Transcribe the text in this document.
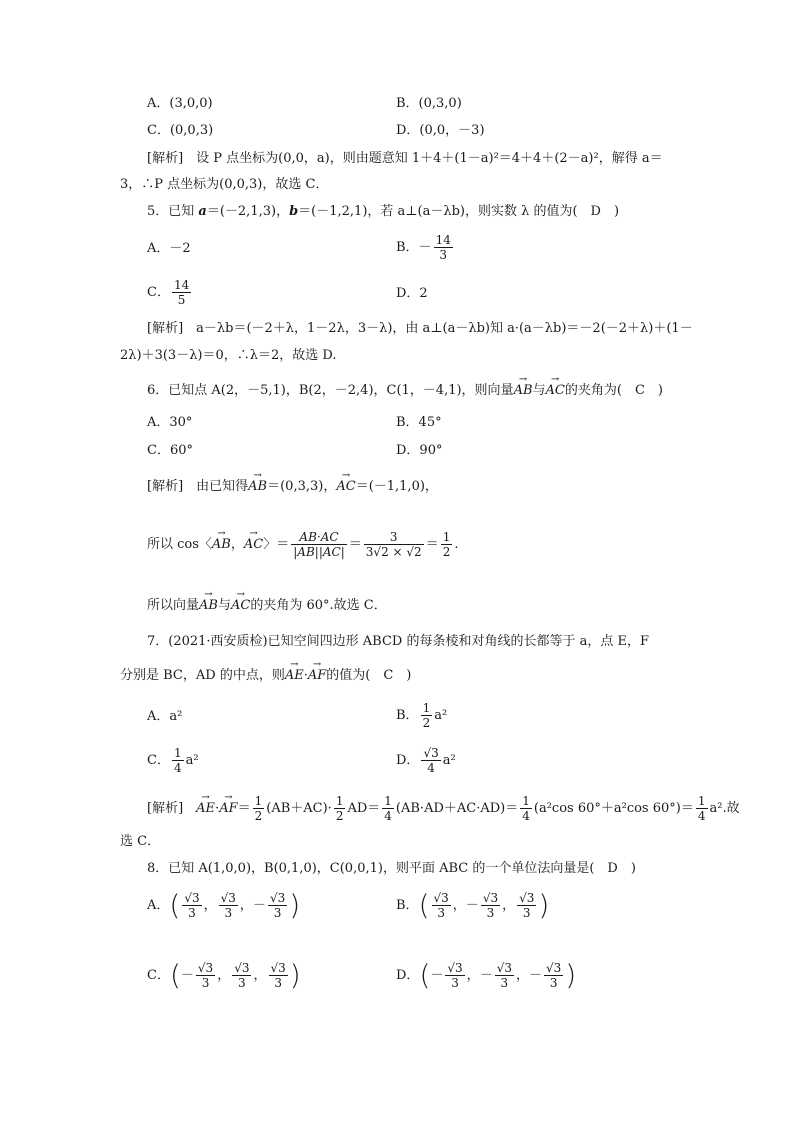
A．(3,0,0)	B．(0,3,0)
C．(0,0,3)	D．(0,0，－3)
[解析]　设 P 点坐标为(0,0，a)，则由题意知 1＋4＋(1－a)²＝4＋4＋(2－a)²，解得 a＝
3，∴P 点坐标为(0,0,3)，故选 C．
5．已知 a＝(－2,1,3)，b＝(－1,2,1)，若 a⊥(a－λb)，则实数 λ 的值为(　D　)
A．－2	B．－ $\frac{14}{3}$
C． $\frac{14}{5}$	D．2
[解析]　a－λb＝(－2＋λ，1－2λ，3－λ)，由 a⊥(a－λb)知 a·(a－λb)＝－2(－2＋λ)＋(1－
2λ)＋3(3－λ)＝0，∴λ＝2，故选 D.
6．已知点 A(2，－5,1)，B(2，－2,4)，C(1，－4,1)，则向量→ AB与→ AC的夹角为(　C　)
A．30°	B．45°
C．60°	D．90°
[解析]　由已知得→ AB＝(0,3,3)，→ AC＝(－1,1,0)，
所以 cos〈→ AB，→ AC〉＝ $\frac{AB\cdot AC}{|AB||AC|} = \frac{3}{3√2 \times √2} = \frac{1}{2}$ .
所以向量→ AB与→ AC的夹角为 60°.故选 C．
7．(2021·西安质检)已知空间四边形 ABCD 的每条棱和对角线的长都等于 a，点 E，F
分别是 BC，AD 的中点，则→ AE·→ AF的值为(　C　)
A．a²	B． $\frac{1}{2} a^2$
C． $\frac{1}{4} a^2$	D． $\frac{√3}{4} a^2$
[解析]　→ $AE\cdot\to AF= \frac{1}{2} (AB+AC)\cdot \frac{1}{2} AD= \frac{1}{4} (AB\cdot AD+AC\cdot AD)= \frac{1}{4} (a^2\cos$ 60°＋a²cos $60^\circ)= \frac{1}{4} a^2$.故
选 C．
8．已知 A(1,0,0)，B(0,1,0)，C(0,0,1)，则平面 ABC 的一个单位法向量是(　D　)
A．( $\frac{√3}{3}$ ， $\frac{√3}{3}$ ，－ $\frac{√3}{3}$ )	B．( $\frac{√3}{3}$ ，－ $\frac{√3}{3}$ ， $\frac{√3}{3}$ )
C．(－ $\frac{√3}{3}$ ， $\frac{√3}{3}$ ， $\frac{√3}{3}$ )	D．(－ $\frac{√3}{3}$ ，－ $\frac{√3}{3}$ ，－ $\frac{√3}{3}$ )
